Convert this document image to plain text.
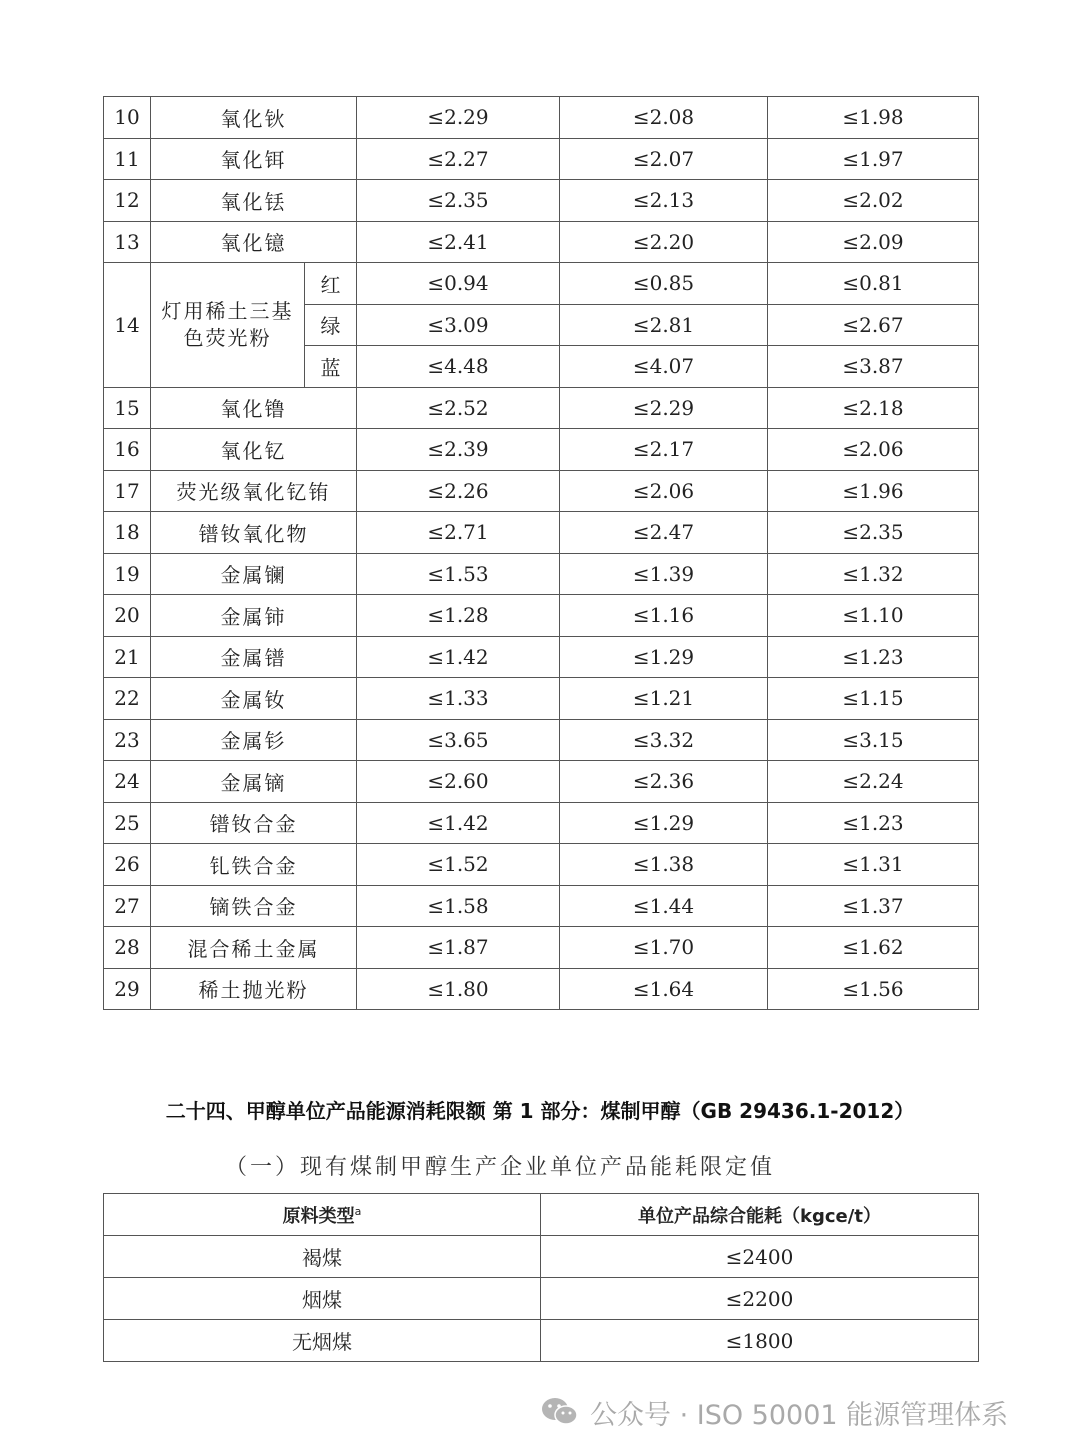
10	氧化钬		≤2.29	≤2.08	≤1.98
11	氧化铒		≤2.27	≤2.07	≤1.97
12	氧化铥		≤2.35	≤2.13	≤2.02
13	氧化镱		≤2.41	≤2.20	≤2.09
14	灯用稀土三基色荧光粉	红	≤0.94	≤0.85	≤0.81
		绿	≤3.09	≤2.81	≤2.67
		蓝	≤4.48	≤4.07	≤3.87
15	氧化镥		≤2.52	≤2.29	≤2.18
16	氧化钇		≤2.39	≤2.17	≤2.06
17	荧光级氧化钇铕		≤2.26	≤2.06	≤1.96
18	镨钕氧化物		≤2.71	≤2.47	≤2.35
19	金属镧		≤1.53	≤1.39	≤1.32
20	金属铈		≤1.28	≤1.16	≤1.10
21	金属镨		≤1.42	≤1.29	≤1.23
22	金属钕		≤1.33	≤1.21	≤1.15
23	金属钐		≤3.65	≤3.32	≤3.15
24	金属镝		≤2.60	≤2.36	≤2.24
25	镨钕合金		≤1.42	≤1.29	≤1.23
26	钆铁合金		≤1.52	≤1.38	≤1.31
27	镝铁合金		≤1.58	≤1.44	≤1.37
28	混合稀土金属		≤1.87	≤1.70	≤1.62
29	稀土抛光粉		≤1.80	≤1.64	≤1.56
二十四、甲醇单位产品能源消耗限额 第 1 部分：煤制甲醇（GB 29436.1-2012）
（一）现有煤制甲醇生产企业单位产品能耗限定值
原料类型$^a$	单位产品综合能耗（kgce/t）
褐煤	≤2400
烟煤	≤2200
无烟煤	≤1800
公众号 · ISO 50001 能源管理体系
